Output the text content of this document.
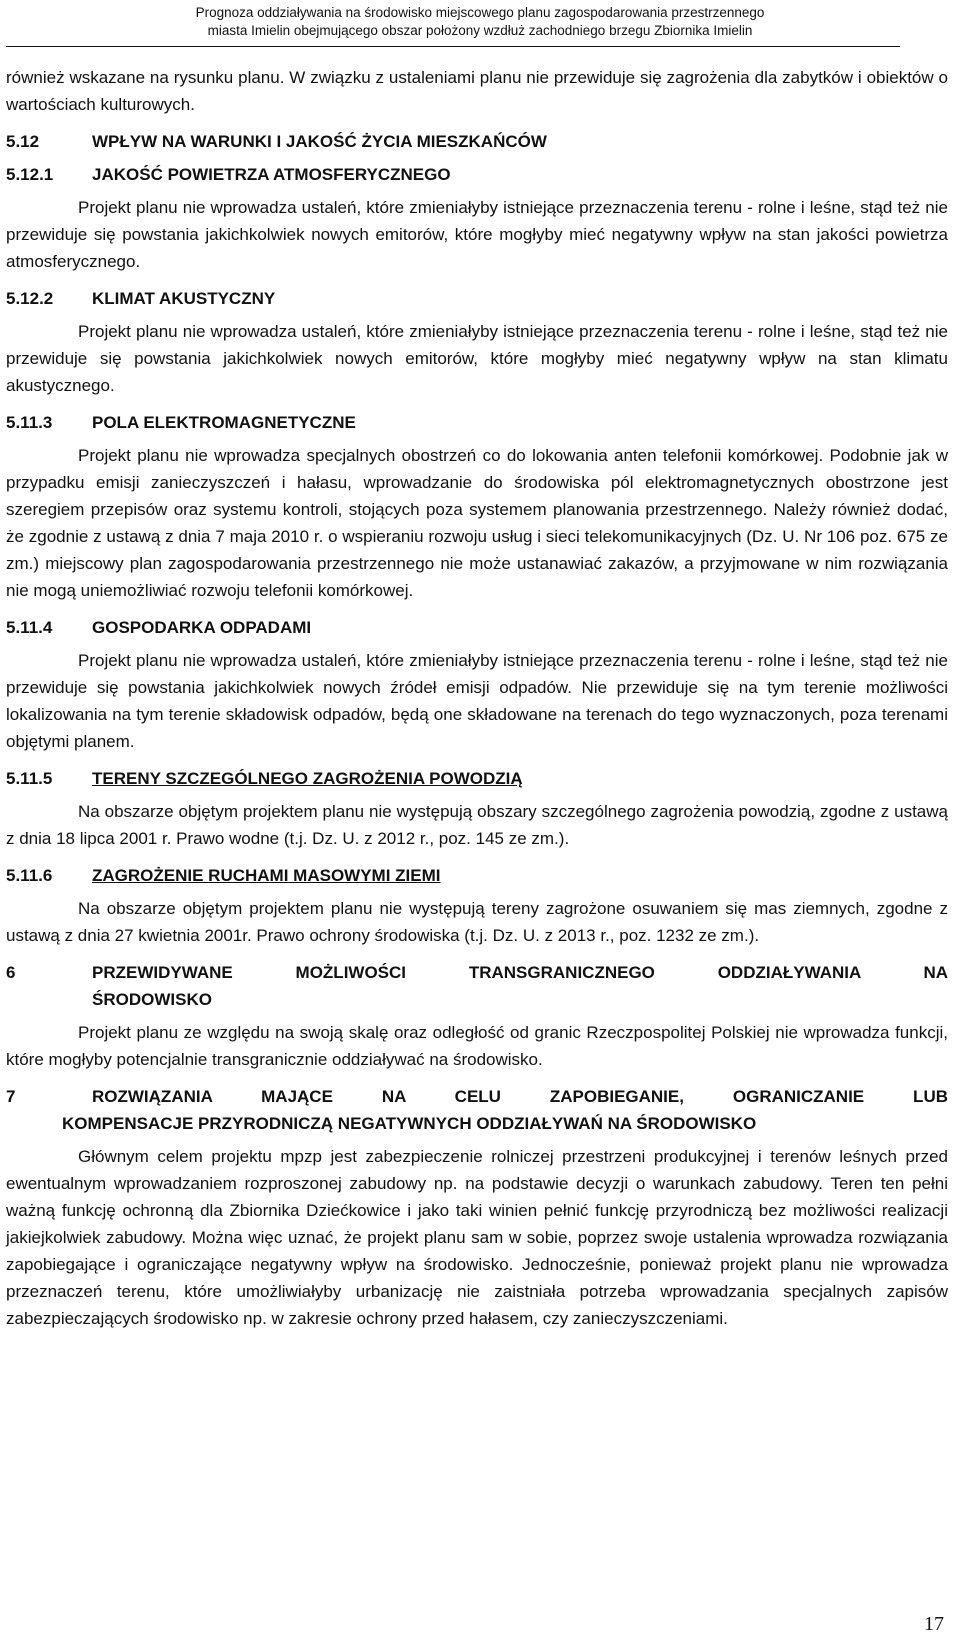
Prognoza oddziaływania na środowisko miejscowego planu zagospodarowania przestrzennego
miasta Imielin obejmującego obszar położony wzdłuż zachodniego brzegu Zbiornika Imielin

również wskazane na rysunku planu. W związku z ustaleniami planu nie przewiduje się zagrożenia dla zabytków i obiektów o wartościach kulturowych.

5.12	WPŁYW NA WARUNKI I JAKOŚĆ ŻYCIA MIESZKAŃCÓW
5.12.1	JAKOŚĆ POWIETRZA ATMOSFERYCZNEGO

Projekt planu nie wprowadza ustaleń, które zmieniałyby istniejące przeznaczenia terenu - rolne i leśne, stąd też nie przewiduje się powstania jakichkolwiek nowych emitorów, które mogłyby mieć negatywny wpływ na stan jakości powietrza atmosferycznego.

5.12.2	KLIMAT AKUSTYCZNY

Projekt planu nie wprowadza ustaleń, które zmieniałyby istniejące przeznaczenia terenu - rolne i leśne, stąd też nie przewiduje się powstania jakichkolwiek nowych emitorów, które mogłyby mieć negatywny wpływ na stan klimatu akustycznego.

5.11.3	POLA ELEKTROMAGNETYCZNE

Projekt planu nie wprowadza specjalnych obostrzeń co do lokowania anten telefonii komórkowej. Podobnie jak w przypadku emisji zanieczyszczeń i hałasu, wprowadzanie do środowiska pól elektromagnetycznych obostrzone jest szeregiem przepisów oraz systemu kontroli, stojących poza systemem planowania przestrzennego. Należy również dodać, że zgodnie z ustawą z dnia 7 maja 2010 r. o wspieraniu rozwoju usług i sieci telekomunikacyjnych (Dz. U. Nr 106 poz. 675 ze zm.) miejscowy plan zagospodarowania przestrzennego nie może ustanawiać zakazów, a przyjmowane w nim rozwiązania nie mogą uniemożliwiać rozwoju telefonii komórkowej.

5.11.4	GOSPODARKA ODPADAMI

Projekt planu nie wprowadza ustaleń, które zmieniałyby istniejące przeznaczenia terenu - rolne i leśne, stąd też nie przewiduje się powstania jakichkolwiek nowych źródeł emisji odpadów. Nie przewiduje się na tym terenie możliwości lokalizowania na tym terenie składowisk odpadów, będą one składowane na terenach do tego wyznaczonych, poza terenami objętymi planem.

5.11.5	TERENY SZCZEGÓLNEGO ZAGROŻENIA POWODZIĄ

Na obszarze objętym projektem planu nie występują obszary szczególnego zagrożenia powodzią, zgodne z ustawą z dnia 18 lipca 2001 r. Prawo wodne (t.j. Dz. U. z 2012 r., poz. 145 ze zm.).

5.11.6	ZAGROŻENIE RUCHAMI MASOWYMI ZIEMI

Na obszarze objętym projektem planu nie występują tereny zagrożone osuwaniem się mas ziemnych, zgodne z ustawą z dnia 27 kwietnia 2001r. Prawo ochrony środowiska (t.j. Dz. U. z 2013 r., poz. 1232 ze zm.).

6	PRZEWIDYWANE MOŻLIWOŚCI TRANSGRANICZNEGO ODDZIAŁYWANIA NA
ŚRODOWISKO

Projekt planu ze względu na swoją skalę oraz odległość od granic Rzeczpospolitej Polskiej nie wprowadza funkcji, które mogłyby potencjalnie transgranicznie oddziaływać na środowisko.

7	ROZWIĄZANIA MAJĄCE NA CELU ZAPOBIEGANIE, OGRANICZANIE LUB
KOMPENSACJE PRZYRODNICZĄ NEGATYWNYCH ODDZIAŁYWAŃ NA ŚRODOWISKO

Głównym celem projektu mpzp jest zabezpieczenie rolniczej przestrzeni produkcyjnej i terenów leśnych przed ewentualnym wprowadzaniem rozproszonej zabudowy np. na podstawie decyzji o warunkach zabudowy. Teren ten pełni ważną funkcję ochronną dla Zbiornika Dziećkowice i jako taki winien pełnić funkcję przyrodniczą bez możliwości realizacji jakiejkolwiek zabudowy. Można więc uznać, że projekt planu sam w sobie, poprzez swoje ustalenia wprowadza rozwiązania zapobiegające i ograniczające negatywny wpływ na środowisko. Jednocześnie, ponieważ projekt planu nie wprowadza przeznaczeń terenu, które umożliwiałyby urbanizację nie zaistniała potrzeba wprowadzania specjalnych zapisów zabezpieczających środowisko np. w zakresie ochrony przed hałasem, czy zanieczyszczeniami.

17
